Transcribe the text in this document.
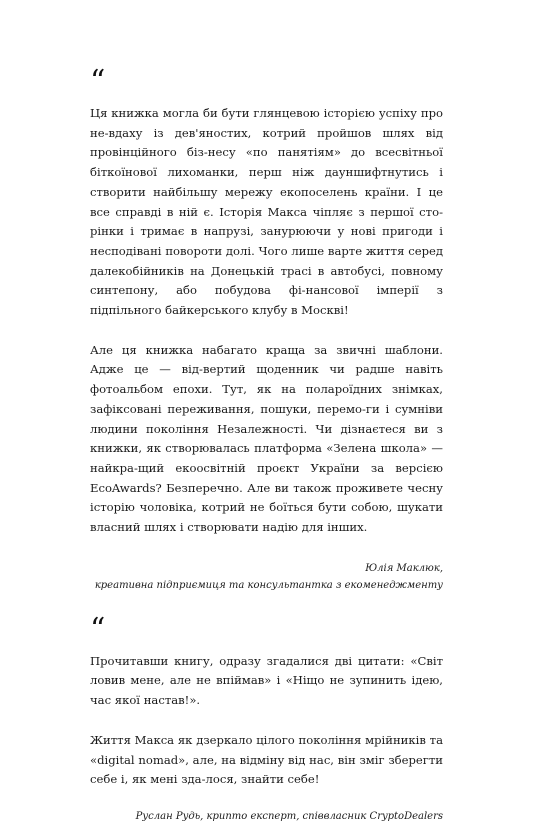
“

Ця книжка могла би бути глянцевою історією успіху про не-вдаху із дев'яностих, котрий пройшов шлях від провінційного біз-несу «по панятіям» до всесвітньої біткоїнової лихоманки, перш ніж дауншифтнутись і створити найбільшу мережу екопоселень країни. І це все справді в ній є. Історія Макса чіпляє з першої сто-рінки і тримає в напрузі, занурюючи у нові пригоди і несподівані повороти долі. Чого лише варте життя серед далекобійників на Донецькій трасі в автобусі, повному синтепону, або побудова фі-нансової імперії з підпільного байкерського клубу в Москві!

Але ця книжка набагато краща за звичні шаблони. Адже це — від-вертий щоденник чи радше навіть фотоальбом епохи. Тут, як на полароїдних знімках, зафіксовані переживання, пошуки, перемо-ги і сумніви людини покоління Незалежності. Чи дізнаєтеся ви з книжки, як створювалась платформа «Зелена школа» — найкра-щий екоосвітній проєкт України за версією EcoAwards? Безперечно. Але ви також проживете чесну історію чоловіка, котрий не боїться бути собою, шукати власний шлях і створювати надію для інших.

Юлія Маклюк,

креативна підприємиця та консультантка з екоменеджменту

“

Прочитавши книгу, одразу згадалися дві цитати: «Світ ловив мене, але не впіймав» і «Ніщо не зупинить ідею, час якої настав!».

Життя Макса як дзеркало цілого покоління мрійників та «digital nomad», але, на відміну від нас, він зміг зберегти себе і, як мені зда-лося, знайти себе!

Руслан Рудь, крипто експерт, співвласник CryptoDealers
